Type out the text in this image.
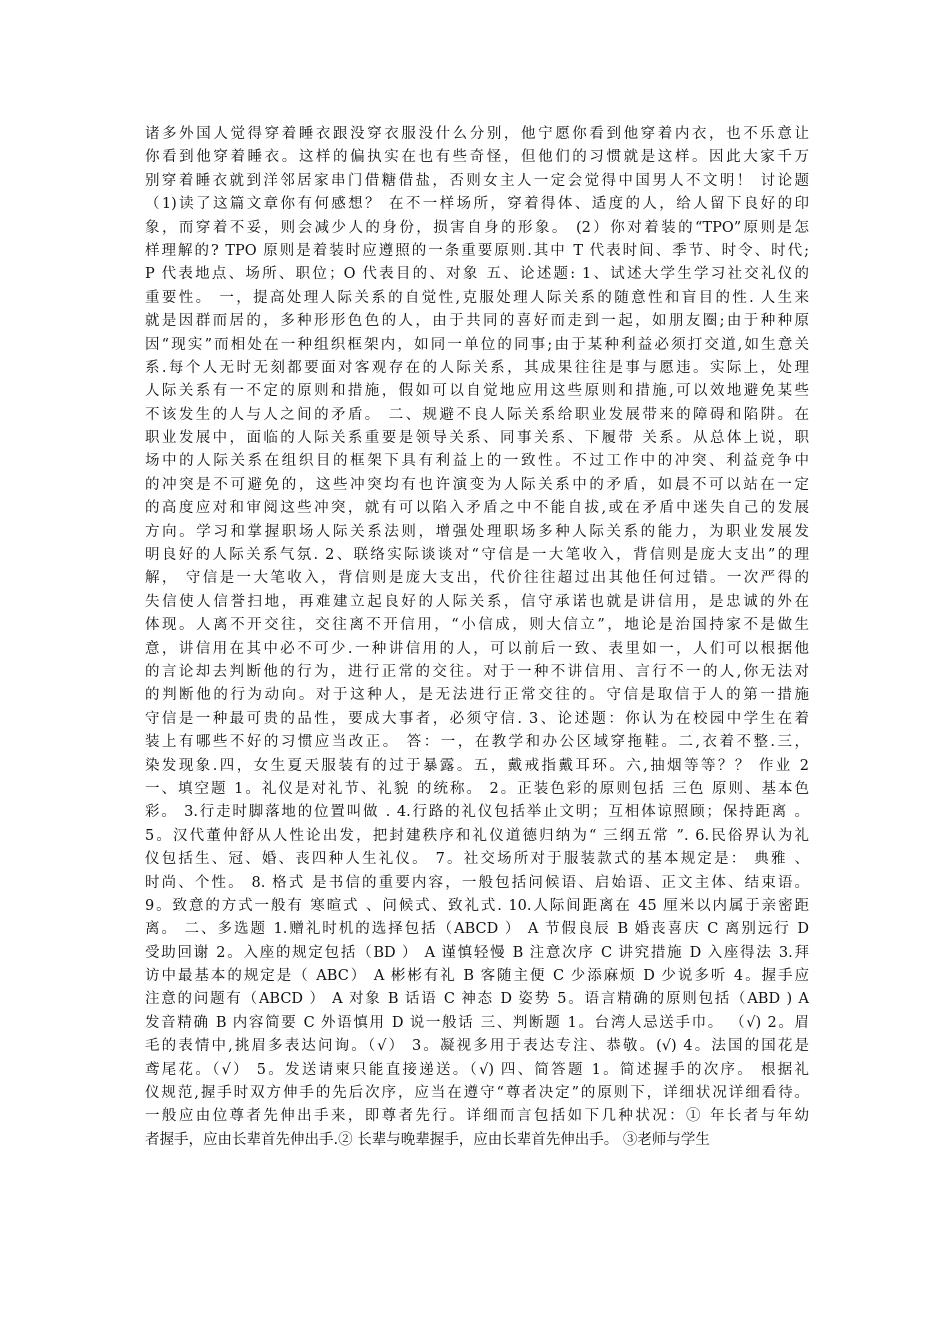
诸多外国人觉得穿着睡衣跟没穿衣服没什么分别，他宁愿你看到他穿着内衣，也不乐意让
你看到他穿着睡衣。这样的偏执实在也有些奇怪，但他们的习惯就是这样。因此大家千万
别穿着睡衣就到洋邻居家串门借糖借盐，否则女主人一定会觉得中国男人不文明！ 讨论题
（1)读了这篇文章你有何感想？ 在不一样场所，穿着得体、适度的人，给人留下良好的印
象，而穿着不妥，则会减少人的身份，损害自身的形象。 (2）你对着装的“TPO”原则是怎
样理解的? TPO 原则是着装时应遵照的一条重要原则.其中 T 代表时间、季节、时令、时代;
P 代表地点、场所、职位；O 代表目的、对象 五、论述题: 1、试述大学生学习社交礼仪的
重要性。 一，提高处理人际关系的自觉性,克服处理人际关系的随意性和盲目的性. 人生来
就是因群而居的，多种形形色色的人，由于共同的喜好而走到一起，如朋友圈;由于种种原
因“现实”而相处在一种组织框架内，如同一单位的同事;由于某种利益必须打交道,如生意关
系.每个人无时无刻都要面对客观存在的人际关系，其成果往往是事与愿违。实际上，处理
人际关系有一不定的原则和措施，假如可以自觉地应用这些原则和措施,可以效地避免某些
不该发生的人与人之间的矛盾。 二、规避不良人际关系给职业发展带来的障碍和陷阱。在
职业发展中，面临的人际关系重要是领导关系、同事关系、下履带 关系。从总体上说，职
场中的人际关系在组织目的框架下具有利益上的一致性。不过工作中的冲突、利益竞争中
的冲突是不可避免的，这些冲突均有也许演变为人际关系中的矛盾，如晨不可以站在一定
的高度应对和审阅这些冲突，就有可以陷入矛盾之中不能自拔,或在矛盾中迷失自己的发展
方向。学习和掌握职场人际关系法则，增强处理职场多种人际关系的能力，为职业发展发
明良好的人际关系气氛. 2、联络实际谈谈对“守信是一大笔收入，背信则是庞大支出”的理
解， 守信是一大笔收入，背信则是庞大支出，代价往往超过出其他任何过错。一次严得的
失信使人信誉扫地，再难建立起良好的人际关系，信守承诺也就是讲信用，是忠诚的外在
体现。人离不开交往，交往离不开信用，“小信成，则大信立”，地论是治国持家不是做生
意，讲信用在其中必不可少.一种讲信用的人，可以前后一致、表里如一，人们可以根据他
的言论却去判断他的行为，进行正常的交往。对于一种不讲信用、言行不一的人,你无法对
的判断他的行为动向。对于这种人，是无法进行正常交往的。守信是取信于人的第一措施
守信是一种最可贵的品性，要成大事者，必须守信. 3、论述题：你认为在校园中学生在着
装上有哪些不好的习惯应当改正。 答：一，在教学和办公区域穿拖鞋。二,衣着不整.三，
染发现象.四，女生夏天服装有的过于暴露。五，戴戒指戴耳环。六,抽烟等等？？ 作业 2
一、填空题 1。礼仪是对礼节、礼貌 的统称。 2。正装色彩的原则包括 三色 原则、基本色
彩。 3.行走时脚落地的位置叫做 . 4.行路的礼仪包括举止文明；互相体谅照顾；保持距离 。
5。汉代董仲舒从人性论出发，把封建秩序和礼仪道德归纳为“ 三纲五常 ”. 6.民俗界认为礼
仪包括生、冠、婚、丧四种人生礼仪。 7。社交场所对于服装款式的基本规定是： 典雅 、
时尚、个性。 8. 格式 是书信的重要内容，一般包括问候语、启始语、正文主体、结束语。
9。致意的方式一般有 寒暄式 、问候式、致礼式. 10.人际间距离在 45 厘米以内属于亲密距
离。 二、多选题 1.赠礼时机的选择包括（ABCD ） A 节假良辰 B 婚丧喜庆 C 离别远行 D
受助回谢 2。入座的规定包括（BD ） A 谨慎轻慢 B 注意次序 C 讲究措施 D 入座得法 3.拜
访中最基本的规定是（ ABC） A 彬彬有礼 B 客随主便 C 少添麻烦 D 少说多听 4。握手应
注意的问题有（ABCD ） A 对象 B 话语 C 神态 D 姿势 5。语言精确的原则包括（ABD ) A
发音精确 B 内容简要 C 外语慎用 D 说一般话 三、判断题 1。台湾人忌送手巾。 （√) 2。眉
毛的表情中,挑眉多表达问询。（√） 3。凝视多用于表达专注、恭敬。(√) 4。法国的国花是
鸢尾花。（√） 5。发送请柬只能直接递送。（√) 四、简答题 1。简述握手的次序。 根据礼
仪规范,握手时双方伸手的先后次序，应当在遵守“尊者决定”的原则下，详细状况详细看待。
一般应由位尊者先伸出手来，即尊者先行。详细而言包括如下几种状况：① 年长者与年幼
者握手，应由长辈首先伸出手.② 长辈与晚辈握手，应由长辈首先伸出手。 ③老师与学生
